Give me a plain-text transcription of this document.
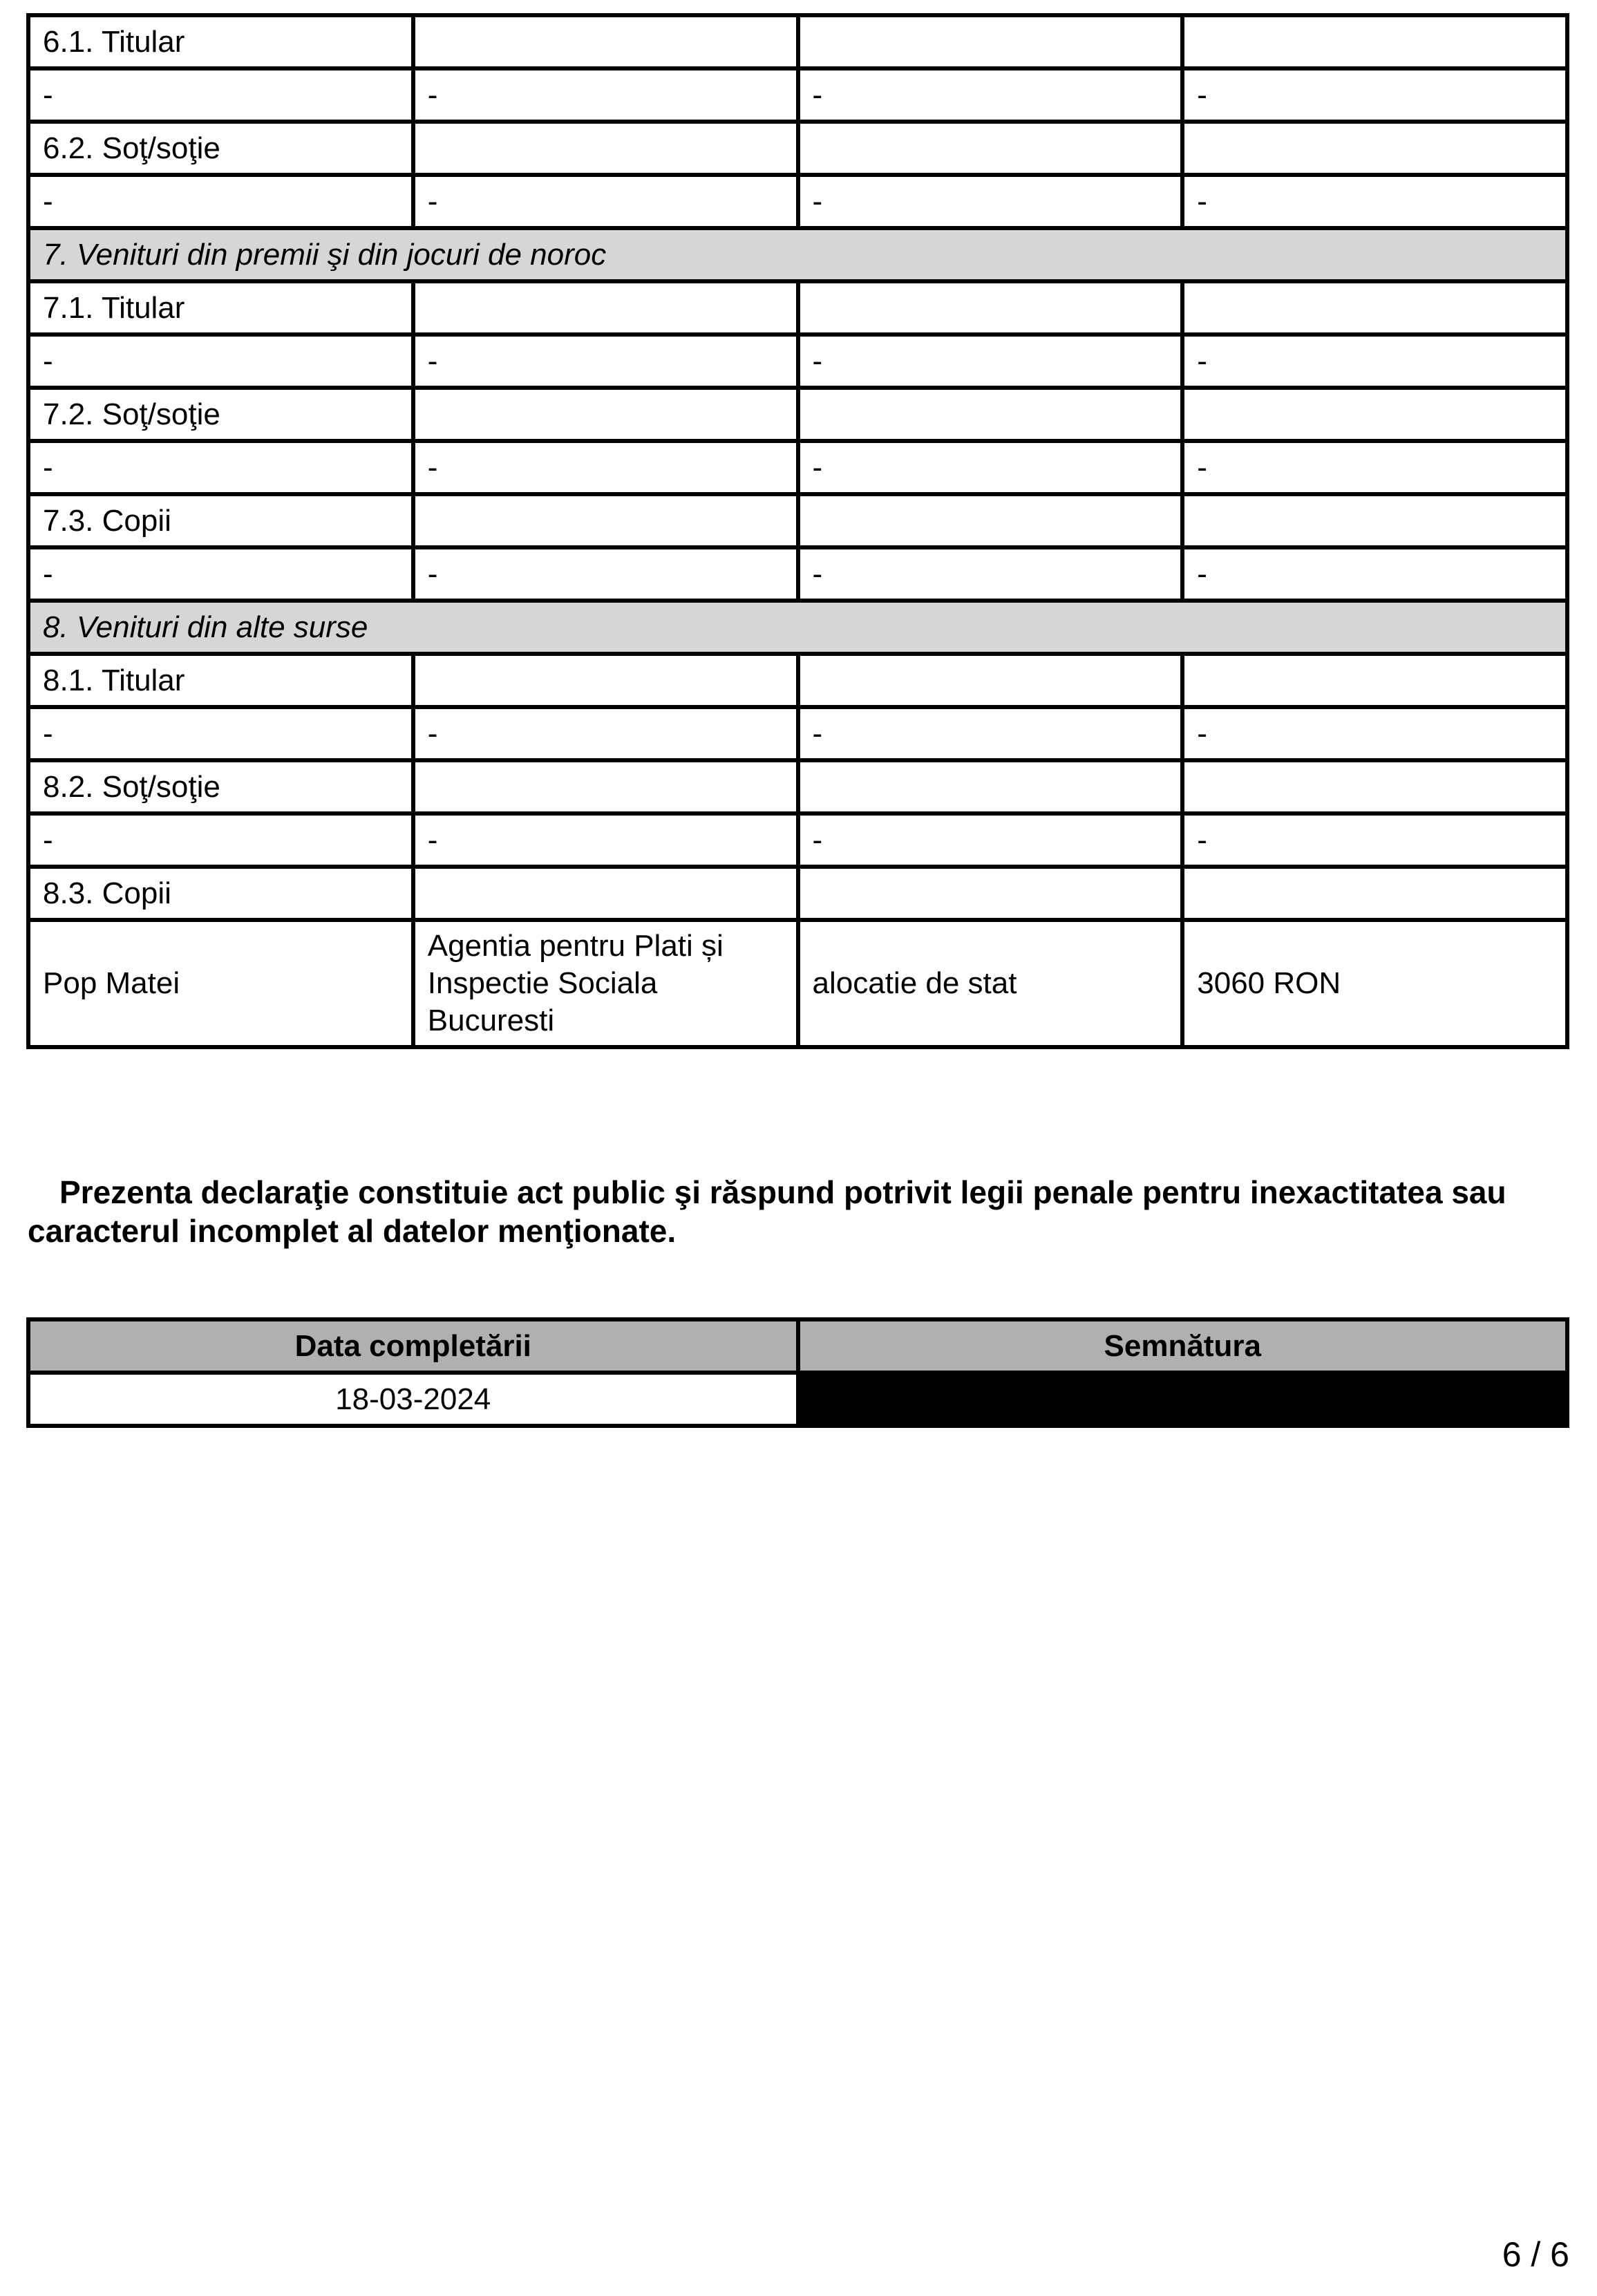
6.1. Titular			
-	-	-	-
6.2. Soţ/soţie			
-	-	-	-
7. Venituri din premii şi din jocuri de noroc			
7.1. Titular			
-	-	-	-
7.2. Soţ/soţie			
-	-	-	-
7.3. Copii			
-	-	-	-
8. Venituri din alte surse			
8.1. Titular			
-	-	-	-
8.2. Soţ/soţie			
-	-	-	-
8.3. Copii			
Pop Matei	Agentia pentru Plati și Inspectie Sociala Bucuresti	alocatie de stat	3060 RON

Prezenta declaraţie constituie act public şi răspund potrivit legii penale pentru inexactitatea sau caracterul incomplet al datelor menţionate.

Data completării	Semnătura
18-03-2024	
6 / 6
